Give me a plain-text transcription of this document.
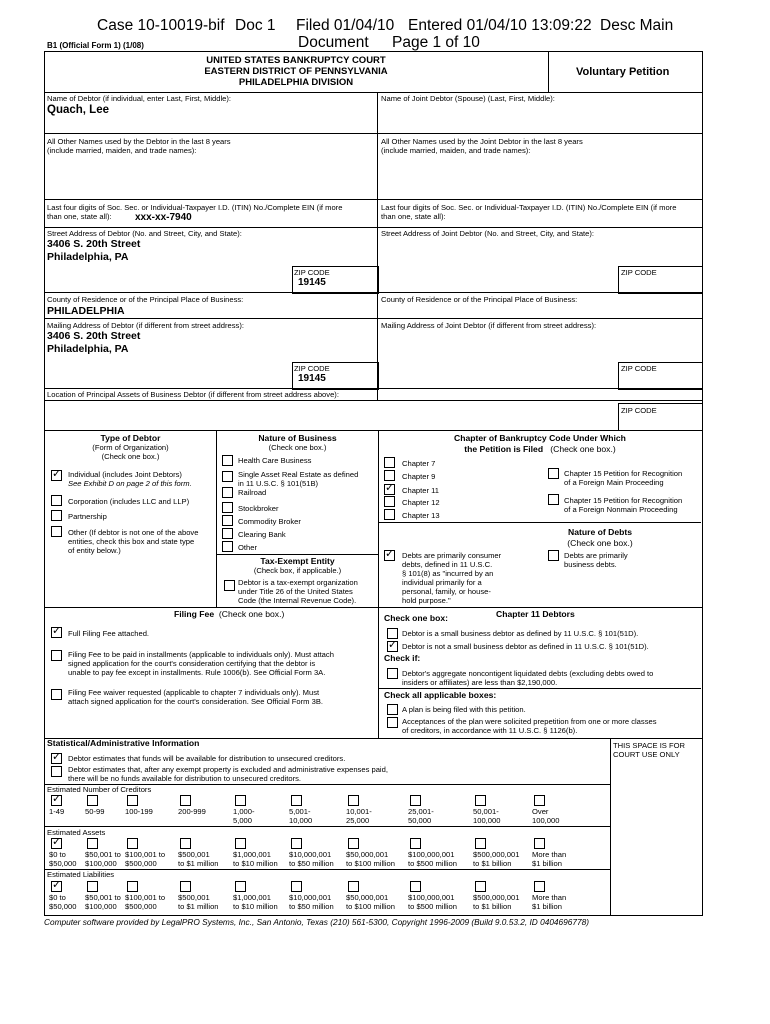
Case 10-10019-bif Doc 1 Filed 01/04/10 Entered 01/04/10 13:09:22 Desc Main
Document Page 1 of 10
B1 (Official Form 1) (1/08)
UNITED STATES BANKRUPTCY COURT
EASTERN DISTRICT OF PENNSYLVANIA
PHILADELPHIA DIVISION
Voluntary Petition
Name of Debtor (if individual, enter Last, First, Middle):
Quach, Lee
Name of Joint Debtor (Spouse) (Last, First, Middle):
All Other Names used by the Debtor in the last 8 years
(include married, maiden, and trade names):
All Other Names used by the Joint Debtor in the last 8 years
(include married, maiden, and trade names):
Last four digits of Soc. Sec. or Individual-Taxpayer I.D. (ITIN) No./Complete EIN (if more
than one, state all):	xxx-xx-7940
Last four digits of Soc. Sec. or Individual-Taxpayer I.D. (ITIN) No./Complete EIN (if more
than one, state all):
Street Address of Debtor (No. and Street, City, and State):
3406 S. 20th Street
Philadelphia, PA
Street Address of Joint Debtor (No. and Street, City, and State):
ZIP CODE
19145
ZIP CODE
County of Residence or of the Principal Place of Business:
PHILADELPHIA
County of Residence or of the Principal Place of Business:
Mailing Address of Debtor (if different from street address):
3406 S. 20th Street
Philadelphia, PA
Mailing Address of Joint Debtor (if different from street address):
ZIP CODE
19145
ZIP CODE
Location of Principal Assets of Business Debtor (if different from street address above):
ZIP CODE
Type of Debtor
(Form of Organization)
(Check one box.)
✓
Individual (includes Joint Debtors)
See Exhibit D on page 2 of this form.
Corporation (includes LLC and LLP)
Partnership
Other (If debtor is not one of the above
entities, check this box and state type
of entity below.)
Nature of Business
(Check one box.)
Health Care Business
Single Asset Real Estate as defined
in 11 U.S.C. § 101(51B)
Railroad
Stockbroker
Commodity Broker
Clearing Bank
Other
Tax-Exempt Entity
(Check box, if applicable.)
Debtor is a tax-exempt organization
under Title 26 of the United States
Code (the Internal Revenue Code).
Chapter of Bankruptcy Code Under Which
the Petition is Filed (Check one box.)
Chapter 7
Chapter 9
✓
Chapter 11
Chapter 12
Chapter 13
Chapter 15 Petition for Recognition
of a Foreign Main Proceeding
Chapter 15 Petition for Recognition
of a Foreign Nonmain Proceeding
Nature of Debts
(Check one box.)
✓
Debts are primarily consumer
debts, defined in 11 U.S.C.
§ 101(8) as "incurred by an
individual primarily for a
personal, family, or house-
hold purpose."
Debts are primarily
business debts.
Filing Fee (Check one box.)
✓
Full Filing Fee attached.
Filing Fee to be paid in installments (applicable to individuals only). Must attach
signed application for the court's consideration certifying that the debtor is
unable to pay fee except in installments. Rule 1006(b). See Official Form 3A.
Filing Fee waiver requested (applicable to chapter 7 individuals only). Must
attach signed application for the court's consideration. See Official Form 3B.
Check one box:	Chapter 11 Debtors
Debtor is a small business debtor as defined by 11 U.S.C. § 101(51D).
✓
Debtor is not a small business debtor as defined in 11 U.S.C. § 101(51D).
Check if:
Debtor's aggregate noncontigent liquidated debts (excluding debts owed to
insiders or affiliates) are less than $2,190,000.
Check all applicable boxes:
A plan is being filed with this petition.
Acceptances of the plan were solicited prepetition from one or more classes
of creditors, in accordance with 11 U.S.C. § 1126(b).
Statistical/Administrative Information	THIS SPACE IS FOR
COURT USE ONLY
✓
Debtor estimates that funds will be available for distribution to unsecured creditors.
Debtor estimates that, after any exempt property is excluded and administrative expenses paid,
there will be no funds available for distribution to unsecured creditors.
Estimated Number of Creditors
✓
1-49	50-99	100-199	200-999	1,000-
5,000
5,001-
10,000
10,001-
25,000
25,001-
50,000
50,001-
100,000
Over
100,000
Estimated Assets
✓
$0 to
$50,000
$50,001 to
$100,000
$100,001 to
$500,000
$500,001
to $1 million
$1,000,001
to $10 million
$10,000,001
to $50 million
$50,000,001
to $100 million
$100,000,001
to $500 million
$500,000,001
to $1 billion
More than
$1 billion
Estimated Liabilities
✓
$0 to
$50,000
$50,001 to
$100,000
$100,001 to
$500,000
$500,001
to $1 million
$1,000,001
to $10 million
$10,000,001
to $50 million
$50,000,001
to $100 million
$100,000,001
to $500 million
$500,000,001
to $1 billion
More than
$1 billion
Computer software provided by LegalPRO Systems, Inc., San Antonio, Texas (210) 561-5300, Copyright 1996-2009 (Build 9.0.53.2, ID 0404696778)
